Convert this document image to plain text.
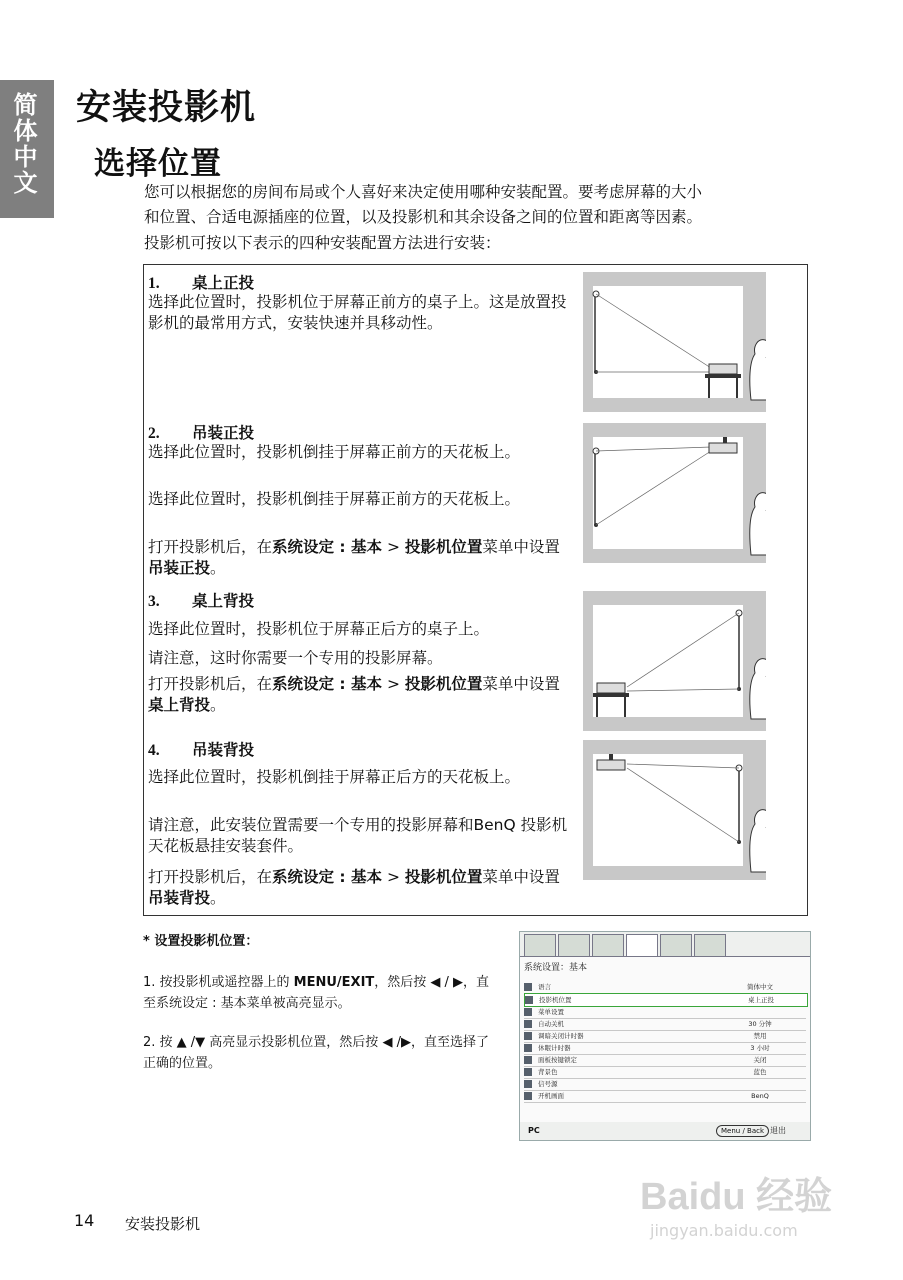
简体中文 安装投影机
选择位置
您可以根据您的房间布局或个人喜好来决定使用哪种安装配置。要考虑屏幕的大小
和位置、合适电源插座的位置，以及投影机和其余设备之间的位置和距离等因素。
投影机可按以下表示的四种安装配置方法进行安装：
1. 桌上正投
选择此位置时，投影机位于屏幕正前方的桌子上。这是放置投影机的最常用方式，安装快速并具移动性。
2. 吊装正投
选择此位置时，投影机倒挂于屏幕正前方的天花板上。
选择此位置时，投影机倒挂于屏幕正前方的天花板上。
打开投影机后，在系统设定 : 基本 > 投影机位置菜单中设置吊装正投。
3. 桌上背投
选择此位置时，投影机位于屏幕正后方的桌子上。
请注意，这时你需要一个专用的投影屏幕。
打开投影机后，在系统设定 : 基本 > 投影机位置菜单中设置桌上背投。
4. 吊装背投
选择此位置时，投影机倒挂于屏幕正后方的天花板上。
请注意，此安装位置需要一个专用的投影屏幕和BenQ 投影机天花板悬挂安装套件。
打开投影机后，在系统设定 : 基本 > 投影机位置菜单中设置吊装背投。
* 设置投影机位置：
1. 按投影机或遥控器上的 MENU/EXIT，然后按 ◀ / ▶，直至系统设定 : 基本菜单被高亮显示。
2. 按 ▲ /▼ 高亮显示投影机位置，然后按 ◀ /▶，直至选择了正确的位置。
系统设置：基本
语言	简体中文
投影机位置	桌上正投
菜单设置
自动关机	30 分钟
调暗关闭计时器	禁用
休眠计时器	3 小时
面板按键锁定	关闭
背景色	蓝色
信号源
开机画面	BenQ
PC	Menu / Back 退出
14 安装投影机
Baidu 经验
jingyan.baidu.com
